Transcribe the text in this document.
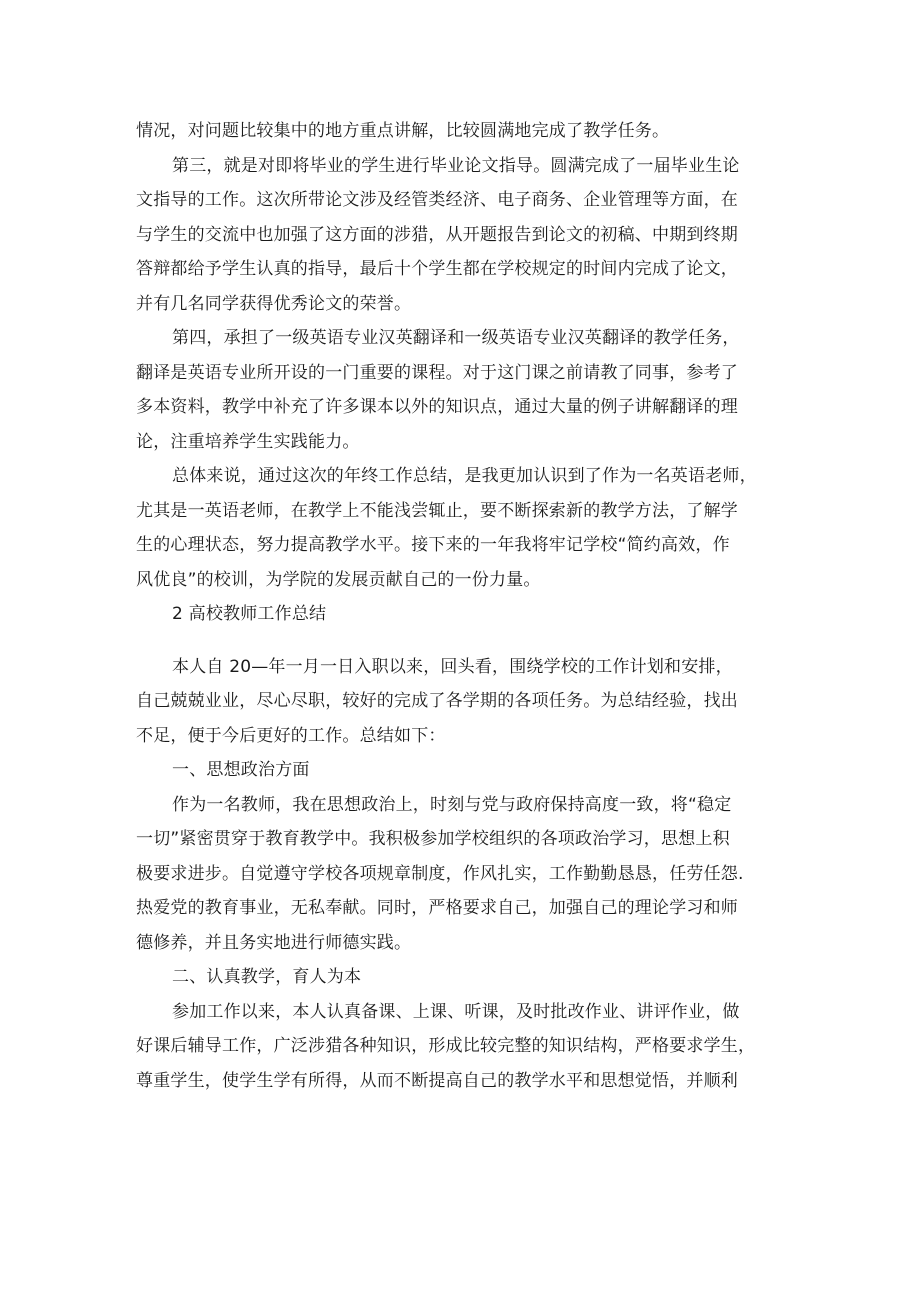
情况，对问题比较集中的地方重点讲解，比较圆满地完成了教学任务。
第三，就是对即将毕业的学生进行毕业论文指导。圆满完成了一届毕业生论
文指导的工作。这次所带论文涉及经管类经济、电子商务、企业管理等方面，在
与学生的交流中也加强了这方面的涉猎，从开题报告到论文的初稿、中期到终期
答辩都给予学生认真的指导，最后十个学生都在学校规定的时间内完成了论文，
并有几名同学获得优秀论文的荣誉。
第四，承担了一级英语专业汉英翻译和一级英语专业汉英翻译的教学任务，
翻译是英语专业所开设的一门重要的课程。对于这门课之前请教了同事，参考了
多本资料，教学中补充了许多课本以外的知识点，通过大量的例子讲解翻译的理
论，注重培养学生实践能力。
总体来说，通过这次的年终工作总结，是我更加认识到了作为一名英语老师，
尤其是一英语老师，在教学上不能浅尝辄止，要不断探索新的教学方法，了解学
生的心理状态，努力提高教学水平。接下来的一年我将牢记学校“简约高效，作
风优良”的校训，为学院的发展贡献自己的一份力量。
2 高校教师工作总结
本人自 20—年一月一日入职以来，回头看，围绕学校的工作计划和安排，
自己兢兢业业，尽心尽职，较好的完成了各学期的各项任务。为总结经验，找出
不足，便于今后更好的工作。总结如下：
一、思想政治方面
作为一名教师，我在思想政治上，时刻与党与政府保持高度一致，将“稳定
一切”紧密贯穿于教育教学中。我积极参加学校组织的各项政治学习，思想上积
极要求进步。自觉遵守学校各项规章制度，作风扎实，工作勤勤恳恳，任劳任怨.
热爱党的教育事业，无私奉献。同时，严格要求自己，加强自己的理论学习和师
德修养，并且务实地进行师德实践。
二、认真教学，育人为本
参加工作以来，本人认真备课、上课、听课，及时批改作业、讲评作业，做
好课后辅导工作，广泛涉猎各种知识，形成比较完整的知识结构，严格要求学生，
尊重学生，使学生学有所得，从而不断提高自己的教学水平和思想觉悟，并顺利
